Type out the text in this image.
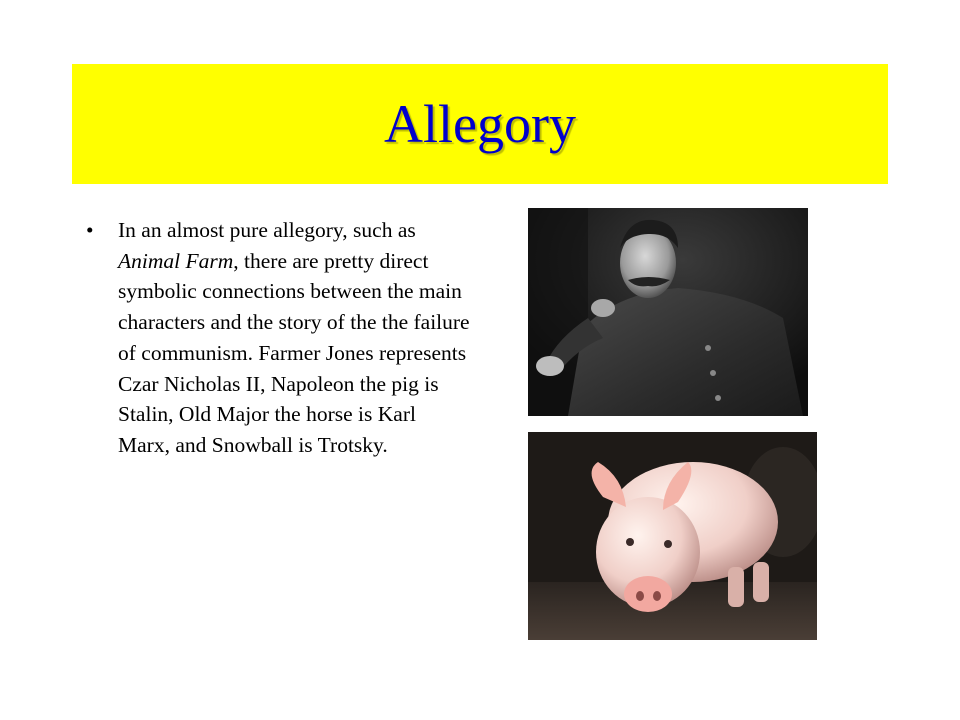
Allegory
• In an almost pure allegory, such as Animal Farm, there are pretty direct symbolic connections between the main characters and the story of the the failure of communism. Farmer Jones represents Czar Nicholas II, Napoleon the pig is Stalin, Old Major the horse is Karl Marx, and Snowball is Trotsky.
